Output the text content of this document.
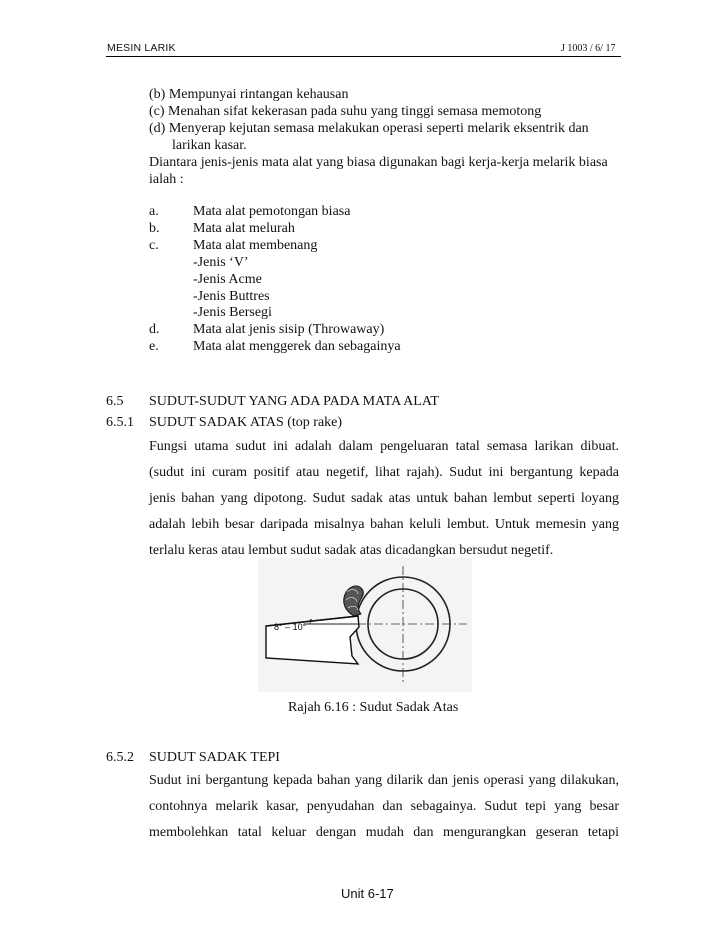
MESIN LARIK	J 1003 / 6/ 17
(b) Mempunyai rintangan kehausan
(c) Menahan sifat kekerasan pada suhu yang tinggi semasa memotong
(d) Menyerap kejutan semasa melakukan operasi seperti melarik eksentrik dan
larikan kasar.
Diantara jenis-jenis mata alat yang biasa digunakan bagi kerja-kerja melarik biasa
ialah :
a. Mata alat pemotongan biasa
b. Mata alat melurah
c. Mata alat membenang
-Jenis ‘V’
-Jenis Acme
-Jenis Buttres
-Jenis Bersegi
d. Mata alat jenis sisip (Throwaway)
e. Mata alat menggerek dan sebagainya
6.5 SUDUT-SUDUT YANG ADA PADA MATA ALAT
6.5.1 SUDUT SADAK ATAS (top rake)
Fungsi utama sudut ini adalah dalam pengeluaran tatal semasa larikan dibuat.
(sudut ini curam positif atau negetif, lihat rajah). Sudut ini bergantung kepada
jenis bahan yang dipotong. Sudut sadak atas untuk bahan lembut seperti loyang
adalah lebih besar daripada misalnya bahan keluli lembut. Untuk memesin yang
terlalu keras atau lembut sudut sadak atas dicadangkan bersudut negetif.
8° – 10°
Rajah 6.16 : Sudut Sadak Atas
6.5.2 SUDUT SADAK TEPI
Sudut ini bergantung kepada bahan yang dilarik dan jenis operasi yang dilakukan,
contohnya melarik kasar, penyudahan dan sebagainya. Sudut tepi yang besar
membolehkan tatal keluar dengan mudah dan mengurangkan geseran tetapi
Unit 6-17
